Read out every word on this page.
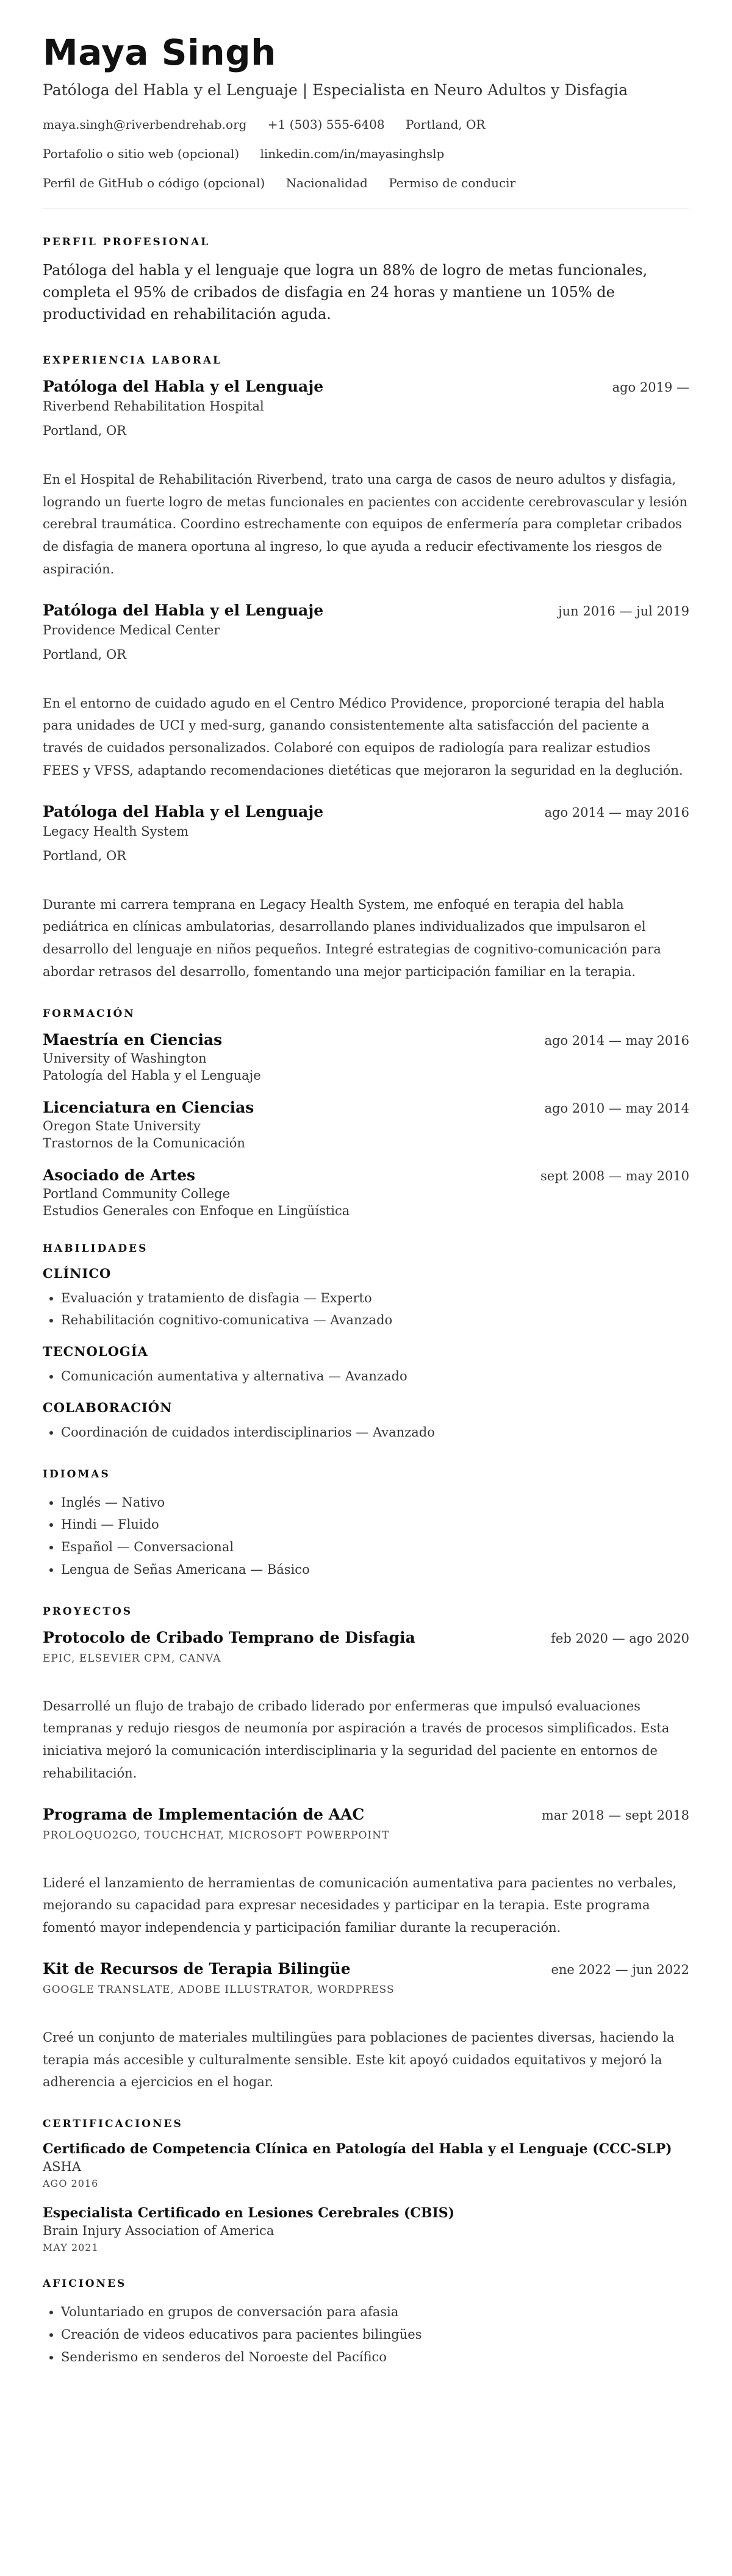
Maya Singh
Patóloga del Habla y el Lenguaje | Especialista en Neuro Adultos y Disfagia
maya.singh@riverbendrehab.org +1 (503) 555-6408 Portland, OR
Portafolio o sitio web (opcional) linkedin.com/in/mayasinghslp
Perfil de GitHub o código (opcional) Nacionalidad Permiso de conducir
PERFIL PROFESIONAL
Patóloga del habla y el lenguaje que logra un 88% de logro de metas funcionales, completa el 95% de cribados de disfagia en 24 horas y mantiene un 105% de productividad en rehabilitación aguda.
EXPERIENCIA LABORAL
Patóloga del Habla y el Lenguaje	ago 2019 —
Riverbend Rehabilitation Hospital
Portland, OR
En el Hospital de Rehabilitación Riverbend, trato una carga de casos de neuro adultos y disfagia, logrando un fuerte logro de metas funcionales en pacientes con accidente cerebrovascular y lesión cerebral traumática. Coordino estrechamente con equipos de enfermería para completar cribados de disfagia de manera oportuna al ingreso, lo que ayuda a reducir efectivamente los riesgos de aspiración.
Patóloga del Habla y el Lenguaje	jun 2016 — jul 2019
Providence Medical Center
Portland, OR
En el entorno de cuidado agudo en el Centro Médico Providence, proporcioné terapia del habla para unidades de UCI y med-surg, ganando consistentemente alta satisfacción del paciente a través de cuidados personalizados. Colaboré con equipos de radiología para realizar estudios FEES y VFSS, adaptando recomendaciones dietéticas que mejoraron la seguridad en la deglución.
Patóloga del Habla y el Lenguaje	ago 2014 — may 2016
Legacy Health System
Portland, OR
Durante mi carrera temprana en Legacy Health System, me enfoqué en terapia del habla pediátrica en clínicas ambulatorias, desarrollando planes individualizados que impulsaron el desarrollo del lenguaje en niños pequeños. Integré estrategias de cognitivo-comunicación para abordar retrasos del desarrollo, fomentando una mejor participación familiar en la terapia.
FORMACIÓN
Maestría en Ciencias	ago 2014 — may 2016
University of Washington
Patología del Habla y el Lenguaje
Licenciatura en Ciencias	ago 2010 — may 2014
Oregon State University
Trastornos de la Comunicación
Asociado de Artes	sept 2008 — may 2010
Portland Community College
Estudios Generales con Enfoque en Lingüística
HABILIDADES
CLÍNICO
• Evaluación y tratamiento de disfagia — Experto
• Rehabilitación cognitivo-comunicativa — Avanzado
TECNOLOGÍA
• Comunicación aumentativa y alternativa — Avanzado
COLABORACIÓN
• Coordinación de cuidados interdisciplinarios — Avanzado
IDIOMAS
• Inglés — Nativo
• Hindi — Fluido
• Español — Conversacional
• Lengua de Señas Americana — Básico
PROYECTOS
Protocolo de Cribado Temprano de Disfagia	feb 2020 — ago 2020
EPIC, ELSEVIER CPM, CANVA
Desarrollé un flujo de trabajo de cribado liderado por enfermeras que impulsó evaluaciones tempranas y redujo riesgos de neumonía por aspiración a través de procesos simplificados. Esta iniciativa mejoró la comunicación interdisciplinaria y la seguridad del paciente en entornos de rehabilitación.
Programa de Implementación de AAC	mar 2018 — sept 2018
PROLOQUO2GO, TOUCHCHAT, MICROSOFT POWERPOINT
Lideré el lanzamiento de herramientas de comunicación aumentativa para pacientes no verbales, mejorando su capacidad para expresar necesidades y participar en la terapia. Este programa fomentó mayor independencia y participación familiar durante la recuperación.
Kit de Recursos de Terapia Bilingüe	ene 2022 — jun 2022
GOOGLE TRANSLATE, ADOBE ILLUSTRATOR, WORDPRESS
Creé un conjunto de materiales multilingües para poblaciones de pacientes diversas, haciendo la terapia más accesible y culturalmente sensible. Este kit apoyó cuidados equitativos y mejoró la adherencia a ejercicios en el hogar.
CERTIFICACIONES
Certificado de Competencia Clínica en Patología del Habla y el Lenguaje (CCC-SLP)
ASHA
AGO 2016
Especialista Certificado en Lesiones Cerebrales (CBIS)
Brain Injury Association of America
MAY 2021
AFICIONES
• Voluntariado en grupos de conversación para afasia
• Creación de videos educativos para pacientes bilingües
• Senderismo en senderos del Noroeste del Pacífico
